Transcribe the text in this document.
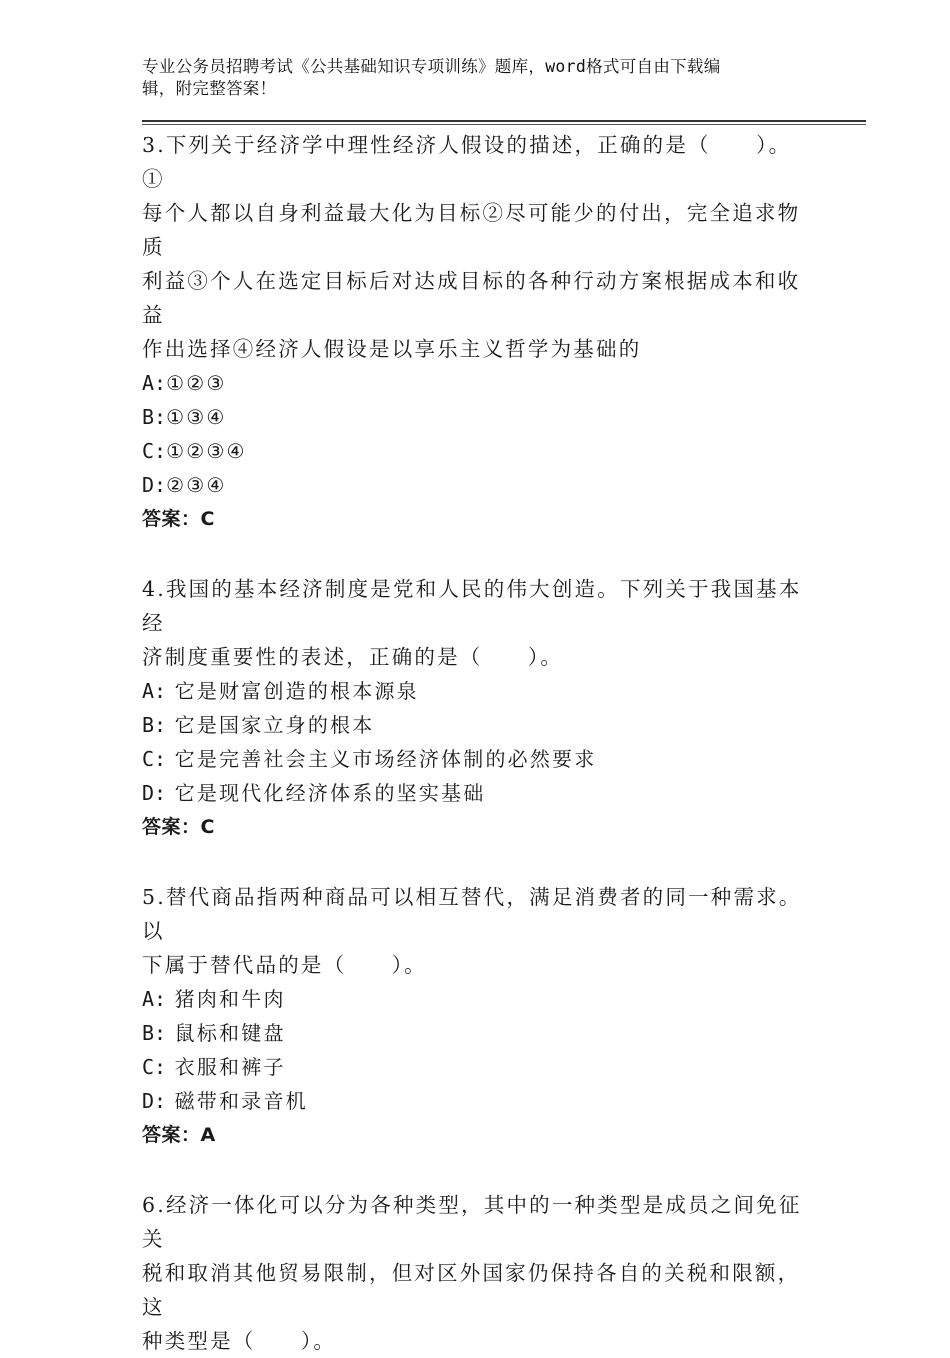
专业公务员招聘考试《公共基础知识专项训练》题库，word格式可自由下载编
辑，附完整答案！
3.下列关于经济学中理性经济人假设的描述，正确的是（　　）。①
每个人都以自身利益最大化为目标②尽可能少的付出，完全追求物质
利益③个人在选定目标后对达成目标的各种行动方案根据成本和收益
作出选择④经济人假设是以享乐主义哲学为基础的
A:①②③
B:①③④
C:①②③④
D:②③④
答案：C
4.我国的基本经济制度是党和人民的伟大创造。下列关于我国基本经
济制度重要性的表述，正确的是（　　）。
A: 它是财富创造的根本源泉
B: 它是国家立身的根本
C: 它是完善社会主义市场经济体制的必然要求
D: 它是现代化经济体系的坚实基础
答案：C
5.替代商品指两种商品可以相互替代，满足消费者的同一种需求。以
下属于替代品的是（　　）。
A: 猪肉和牛肉
B: 鼠标和键盘
C: 衣服和裤子
D: 磁带和录音机
答案：A
6.经济一体化可以分为各种类型，其中的一种类型是成员之间免征关
税和取消其他贸易限制，但对区外国家仍保持各自的关税和限额，这
种类型是（　　）。
